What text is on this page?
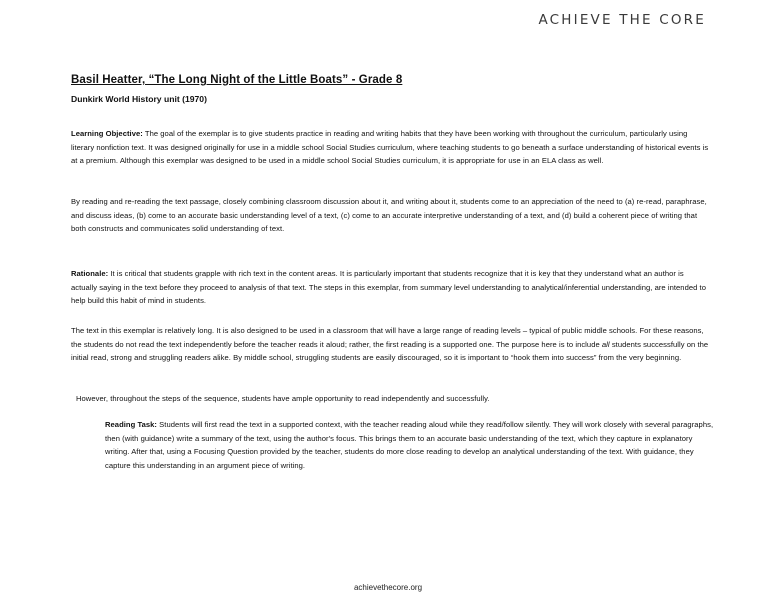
ACHIEVE THE CORE
Basil Heatter, “The Long Night of the Little Boats” - Grade 8
Dunkirk World History unit (1970)

Learning Objective: The goal of the exemplar is to give students practice in reading and writing habits that they have been working with throughout the curriculum, particularly using literary nonfiction text. It was designed originally for use in a middle school Social Studies curriculum, where teaching students to go beneath a surface understanding of historical events is at a premium. Although this exemplar was designed to be used in a middle school Social Studies curriculum, it is appropriate for use in an ELA class as well.

By reading and re-reading the text passage, closely combining classroom discussion about it, and writing about it, students come to an appreciation of the need to (a) re-read, paraphrase, and discuss ideas, (b) come to an accurate basic understanding level of a text, (c) come to an accurate interpretive understanding of a text, and (d) build a coherent piece of writing that both constructs and communicates solid understanding of text.

Rationale: It is critical that students grapple with rich text in the content areas. It is particularly important that students recognize that it is key that they understand what an author is actually saying in the text before they proceed to analysis of that text. The steps in this exemplar, from summary level understanding to analytical/inferential understanding, are intended to help build this habit of mind in students.

The text in this exemplar is relatively long. It is also designed to be used in a classroom that will have a large range of reading levels – typical of public middle schools. For these reasons, the students do not read the text independently before the teacher reads it aloud; rather, the first reading is a supported one. The purpose here is to include all students successfully on the initial read, strong and struggling readers alike. By middle school, struggling students are easily discouraged, so it is important to “hook them into success” from the very beginning.

However, throughout the steps of the sequence, students have ample opportunity to read independently and successfully.

Reading Task: Students will first read the text in a supported context, with the teacher reading aloud while they read/follow silently. They will work closely with several paragraphs, then (with guidance) write a summary of the text, using the author's focus. This brings them to an accurate basic understanding of the text, which they capture in explanatory writing. After that, using a Focusing Question provided by the teacher, students do more close reading to develop an analytical understanding of the text. With guidance, they capture this understanding in an argument piece of writing.

achievethecore.org
